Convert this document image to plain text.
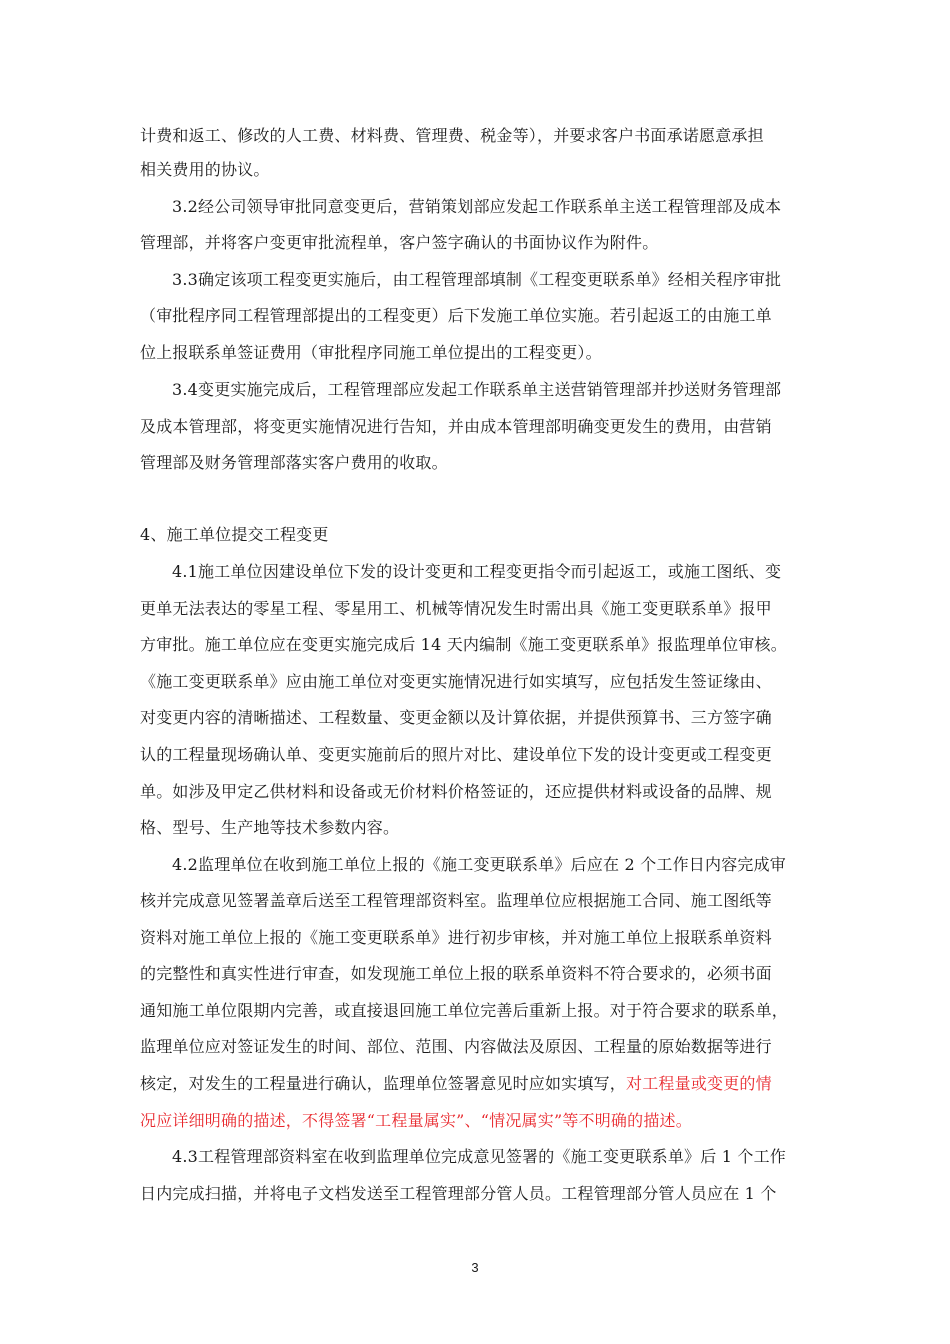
计费和返工、修改的人工费、材料费、管理费、税金等），并要求客户书面承诺愿意承担
相关费用的协议。
3.2经公司领导审批同意变更后，营销策划部应发起工作联系单主送工程管理部及成本
管理部，并将客户变更审批流程单，客户签字确认的书面协议作为附件。
3.3确定该项工程变更实施后，由工程管理部填制《工程变更联系单》经相关程序审批
（审批程序同工程管理部提出的工程变更）后下发施工单位实施。若引起返工的由施工单
位上报联系单签证费用（审批程序同施工单位提出的工程变更）。
3.4变更实施完成后，工程管理部应发起工作联系单主送营销管理部并抄送财务管理部
及成本管理部，将变更实施情况进行告知，并由成本管理部明确变更发生的费用，由营销
管理部及财务管理部落实客户费用的收取。
4、施工单位提交工程变更
4.1施工单位因建设单位下发的设计变更和工程变更指令而引起返工，或施工图纸、变
更单无法表达的零星工程、零星用工、机械等情况发生时需出具《施工变更联系单》报甲
方审批。施工单位应在变更实施完成后 14 天内编制《施工变更联系单》报监理单位审核。
《施工变更联系单》应由施工单位对变更实施情况进行如实填写，应包括发生签证缘由、
对变更内容的清晰描述、工程数量、变更金额以及计算依据，并提供预算书、三方签字确
认的工程量现场确认单、变更实施前后的照片对比、建设单位下发的设计变更或工程变更
单。如涉及甲定乙供材料和设备或无价材料价格签证的，还应提供材料或设备的品牌、规
格、型号、生产地等技术参数内容。
4.2监理单位在收到施工单位上报的《施工变更联系单》后应在 2 个工作日内容完成审
核并完成意见签署盖章后送至工程管理部资料室。监理单位应根据施工合同、施工图纸等
资料对施工单位上报的《施工变更联系单》进行初步审核，并对施工单位上报联系单资料
的完整性和真实性进行审查，如发现施工单位上报的联系单资料不符合要求的，必须书面
通知施工单位限期内完善，或直接退回施工单位完善后重新上报。对于符合要求的联系单，
监理单位应对签证发生的时间、部位、范围、内容做法及原因、工程量的原始数据等进行
核定，对发生的工程量进行确认，监理单位签署意见时应如实填写，对工程量或变更的情
况应详细明确的描述，不得签署“工程量属实”、“情况属实”等不明确的描述。
4.3工程管理部资料室在收到监理单位完成意见签署的《施工变更联系单》后 1 个工作
日内完成扫描，并将电子文档发送至工程管理部分管人员。工程管理部分管人员应在 1 个
3
